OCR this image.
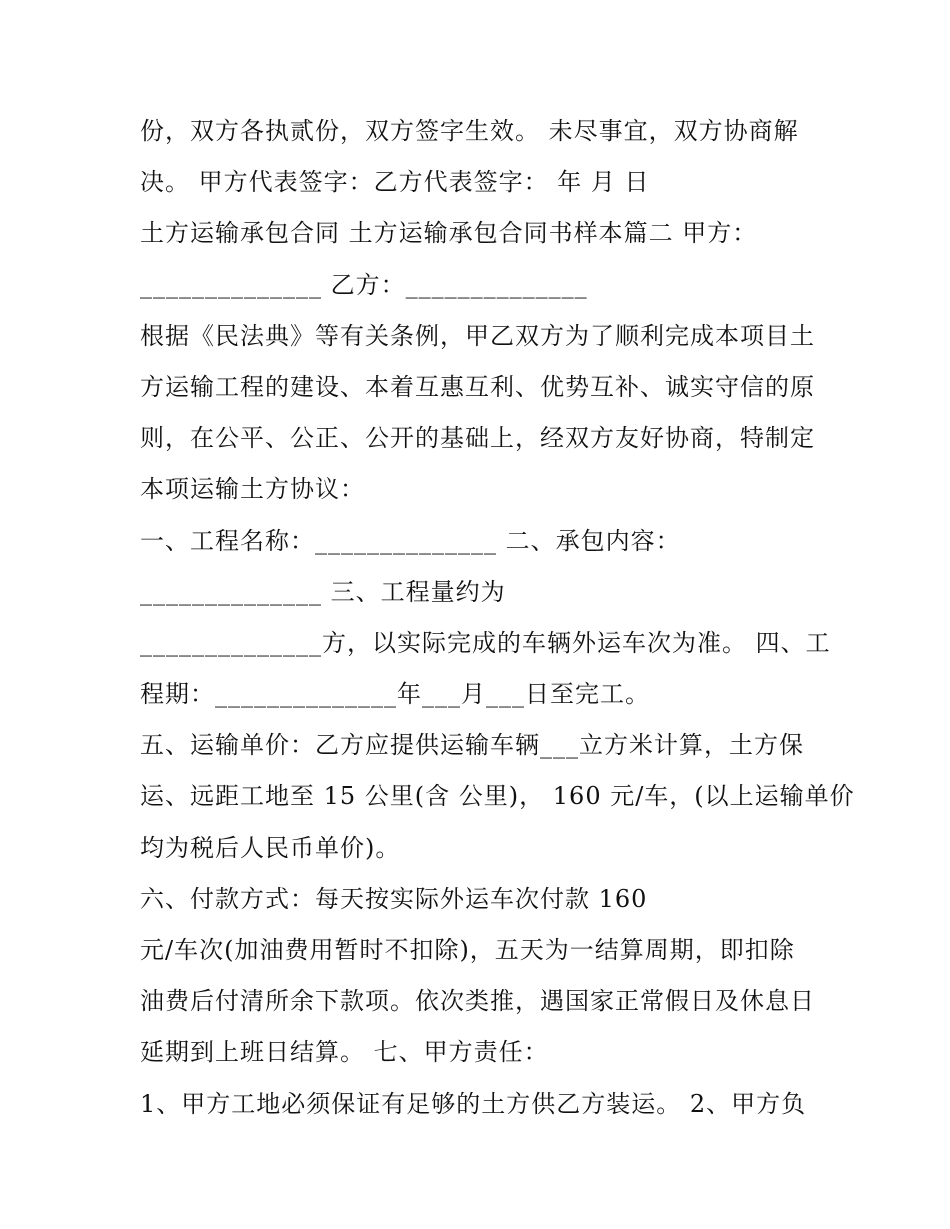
份，双方各执贰份，双方签字生效。 未尽事宜，双方协商解
决。 甲方代表签字：乙方代表签字： 年 月 日
土方运输承包合同 土方运输承包合同书样本篇二 甲方：
______________ 乙方：______________
根据《民法典》等有关条例，甲乙双方为了顺利完成本项目土
方运输工程的建设、本着互惠互利、优势互补、诚实守信的原
则，在公平、公正、公开的基础上，经双方友好协商，特制定
本项运输土方协议：
一、工程名称：______________ 二、承包内容：
______________ 三、工程量约为
______________方，以实际完成的车辆外运车次为准。 四、工
程期：______________年___月___日至完工。
五、运输单价：乙方应提供运输车辆___立方米计算，土方保
运、远距工地至 15 公里(含 公里)， 160 元/车，(以上运输单价
均为税后人民币单价)。
六、付款方式：每天按实际外运车次付款 160
元/车次(加油费用暂时不扣除)，五天为一结算周期，即扣除
油费后付清所余下款项。依次类推，遇国家正常假日及休息日
延期到上班日结算。 七、甲方责任：
1、甲方工地必须保证有足够的土方供乙方装运。 2、甲方负
